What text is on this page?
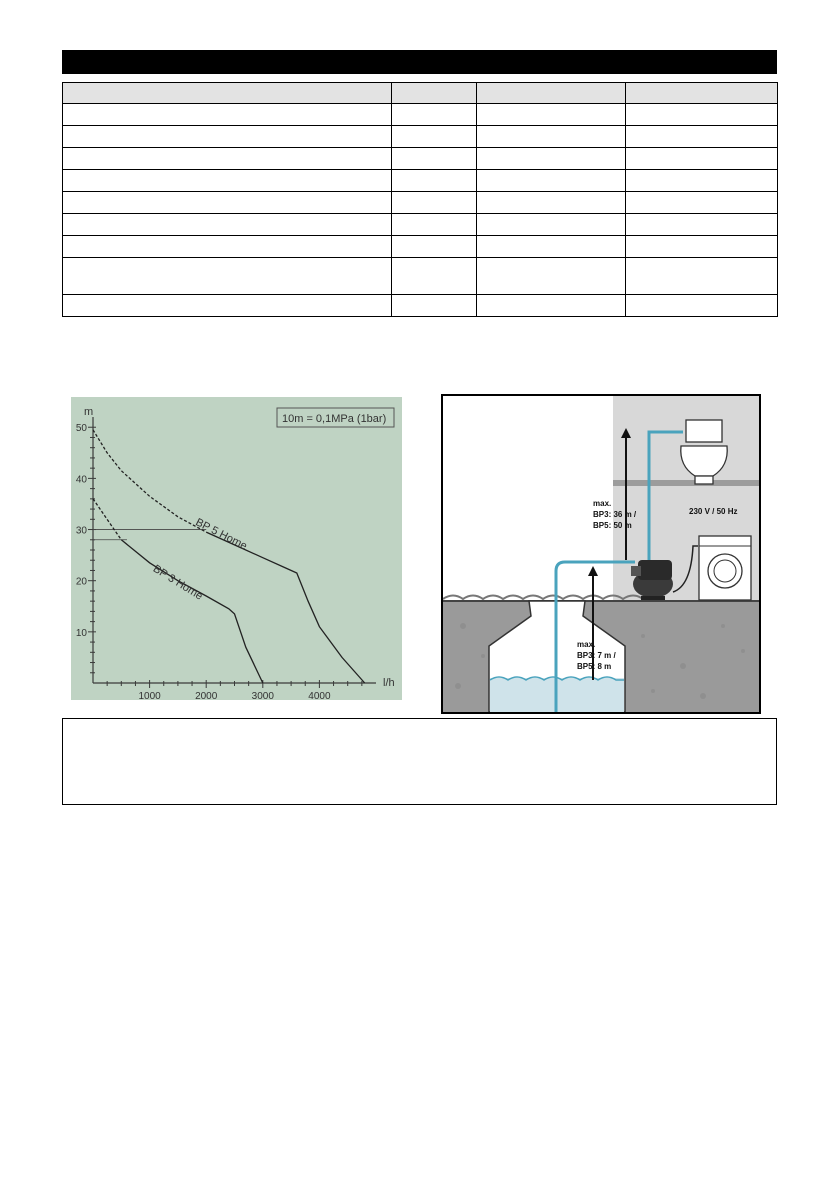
10
20
30
40
50
1000	2000	3000	4000
m
l/h
10m = 0,1MPa (1bar)
BP 5 Home
BP 3 Home
230 V / 50 Hz
max.
BP3: 36 m /
BP5: 50 m
max.
BP3: 7 m /
BP5: 8 m
